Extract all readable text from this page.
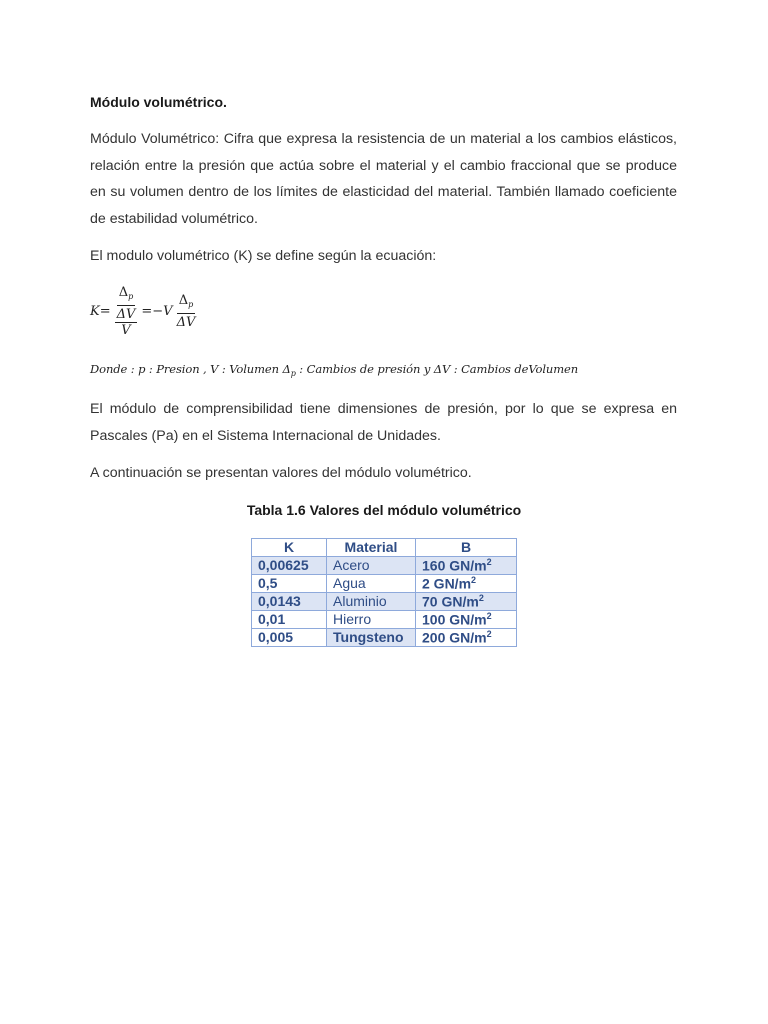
Módulo volumétrico.

Módulo Volumétrico: Cifra que expresa la resistencia de un material a los cambios elásticos, relación entre la presión que actúa sobre el material y el cambio fraccional que se produce en su volumen dentro de los límites de elasticidad del material. También llamado coeficiente de estabilidad volumétrico.

El modulo volumétrico (K) se define según la ecuación:

$K= \frac{\Delta_p}{\frac{\Delta V}{V}} =-V \frac{\Delta_p}{\Delta V}$
Donde : p : Presion , V : Volumen $\Delta_p$ : Cambios de presión y ΔV : Cambios deVolumen

El módulo de comprensibilidad tiene dimensiones de presión, por lo que se expresa en Pascales (Pa) en el Sistema Internacional de Unidades.

A continuación se presentan valores del módulo volumétrico.

Tabla 1.6 Valores del módulo volumétrico

K	Material	B
0,00625	Acero	160 $GN/m^2$
0,5	Agua	2 $GN/m^2$
0,0143	Aluminio	70 $GN/m^2$
0,01	Hierro	100 $GN/m^2$
0,005	Tungsteno	200 $GN/m^2$
